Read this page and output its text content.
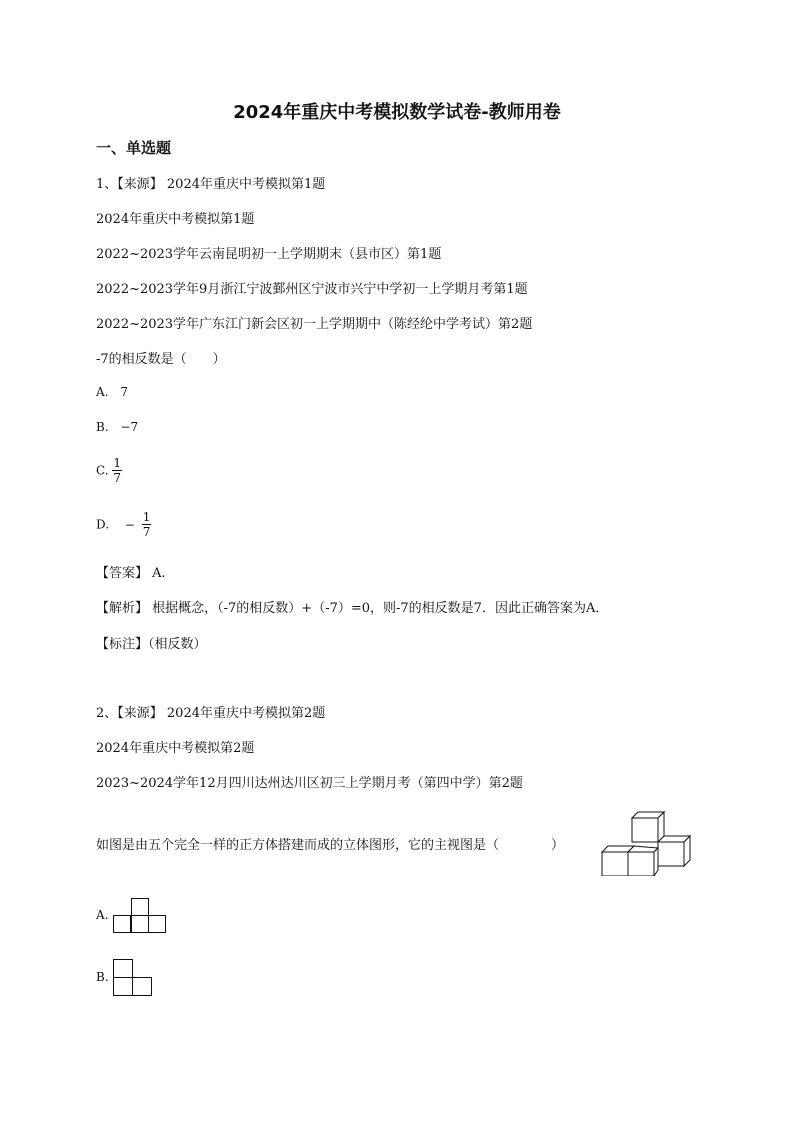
2024年重庆中考模拟数学试卷-教师用卷
一、单选题
1、【来源】 2024年重庆中考模拟第1题
2024年重庆中考模拟第1题
2022~2023学年云南昆明初一上学期期末（县市区）第1题
2022~2023学年9月浙江宁波鄞州区宁波市兴宁中学初一上学期月考第1题
2022~2023学年广东江门新会区初一上学期期中（陈经纶中学考试）第2题
-7的相反数是（　　）
A. 7
B. −7
C. $\frac{1}{7}$
D. − $\frac{1}{7}$
【答案】 A.
【解析】 根据概念，（-7的相反数）+（-7）=0，则-7的相反数是7．因此正确答案为A．
【标注】（相反数）
2、【来源】 2024年重庆中考模拟第2题
2024年重庆中考模拟第2题
2023~2024学年12月四川达州达川区初三上学期月考（第四中学）第2题
如图是由五个完全一样的正方体搭建而成的立体图形，它的主视图是（　　　　）
A.
B.
